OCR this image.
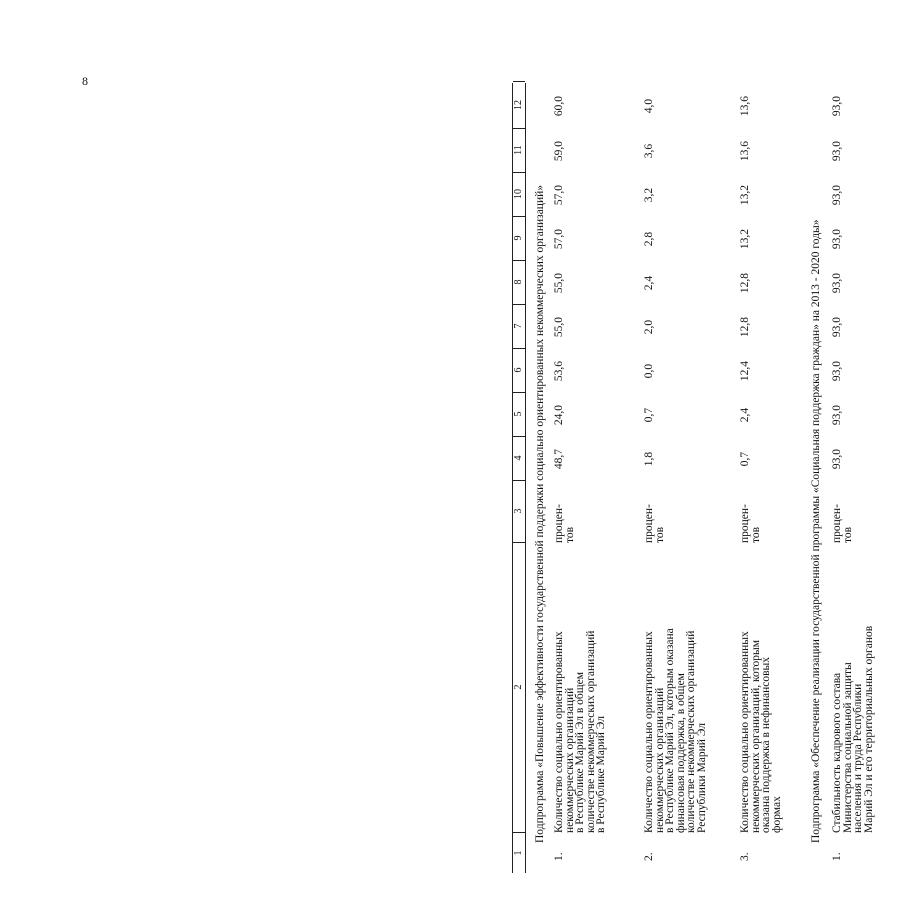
8
1
2
3
4
5
6
7
8
9
10
11
12
Подпрограмма «Повышение эффективности государственной поддержки социально ориентированных некоммерческих организаций»
1.
Количество социально ориентированных
некоммерческих организаций
в Республике Марий Эл в общем
количестве некоммерческих организаций
в Республике Марий Эл
процен-
тов
48,7
24,0
53,6
55,0
55,0
57,0
57,0
59,0
60,0
2.
Количество социально ориентированных
некоммерческих организаций
в Республике Марий Эл, которым оказана
финансовая поддержка, в общем
количестве некоммерческих организаций
Республики Марий Эл
процен-
тов
1,8
0,7
0,0
2,0
2,4
2,8
3,2
3,6
4,0
3.
Количество социально ориентированных
некоммерческих организаций, которым
оказана поддержка в нефинансовых
формах
процен-
тов
0,7
2,4
12,4
12,8
12,8
13,2
13,2
13,6
13,6
Подпрограмма «Обеспечение реализации государственной программы «Социальная поддержка граждан» на 2013 - 2020 годы»
1.
Стабильность кадрового состава
Министерства социальной защиты
населения и труда Республики
Марий Эл и его территориальных органов
процен-
тов
93,0
93,0
93,0
93,0
93,0
93,0
93,0
93,0
93,0
